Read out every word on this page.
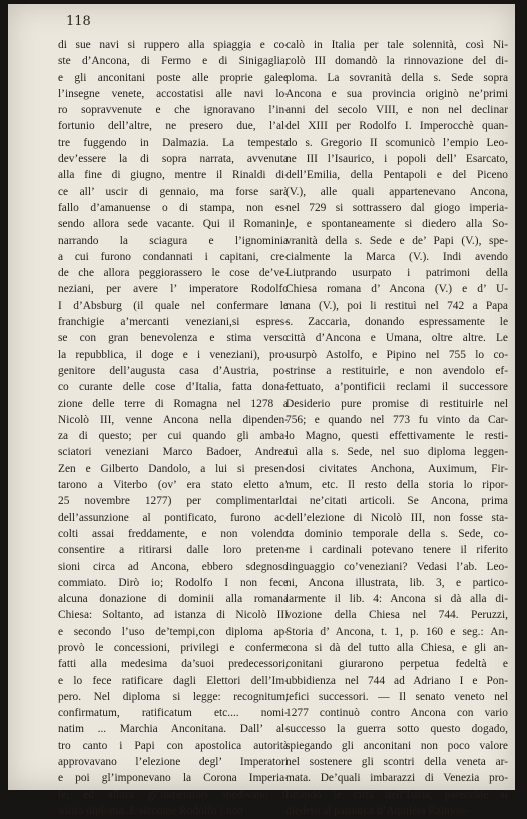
118
di sue navi si ruppero alla spiaggia e co-
ste d’Ancona, di Fermo e di Sinigaglia;
e gli anconitani poste alle proprie galee
l’insegne venete, accostatisi alle navi lo-
ro sopravvenute e che ignoravano l’in-
fortunio dell’altre, ne presero due, l’al-
tre fuggendo in Dalmazia. La tempesta
dev’essere la di sopra narrata, avvenuta
alla fine di giugno, mentre il Rinaldi di-
ce all’ uscir di gennaio, ma forse sarà
fallo d’amanuense o di stampa, non es-
sendo allora sede vacante. Qui il Romanin,
narrando la sciagura e l’ignominia
a cui furono condannati i capitani, cre-
de che allora peggiorassero le cose de’ve-
neziani, per avere l’ imperatore Rodolfo
I d’Absburg (il quale nel confermare le
franchigie a’mercanti veneziani,si espres-
se con gran benevolenza e stima verso
la repubblica, il doge e i veneziani), pro-
genitore dell’augusta casa d’Austria, po-
co curante delle cose d’Italia, fatta dona-
zione delle terre di Romagna nel 1278 a
Nicolò III, venne Ancona nella dipenden-
za di questo; per cui quando gli amba-
sciatori veneziani Marco Badoer, Andrea
Zen e Gilberto Dandolo, a lui si presen-
tarono a Viterbo (ov’ era stato eletto a’
25 novembre 1277) per complimentarlo
dell’assunzione al pontificato, furono ac-
colti assai freddamente, e non volendo
consentire a ritirarsi dalle loro preten-
sioni circa ad Ancona, ebbero sdegnoso
commiato. Dirò io; Rodolfo I non fece
alcuna donazione di dominii alla romana
Chiesa: Soltanto, ad istanza di Nicolò III
e secondo l’uso de’tempi,con diploma ap-
provò le concessioni, privilegi e conferme
fatti alla medesima da’suoi predecessori,
e lo fece ratificare dagli Elettori dell’Im-
pero. Nel diploma si legge: recognitum,
confirmatum, ratificatum etc.... nomi-
natim ... Marchia Anconitana. Dall’ al-
tro canto i Papi con apostolica autorità
approvavano l’elezione degl’ Imperatori
e poi gl’imponevano la Corona Imperia-
le; ed allora gl’imperatori spedivano il
solito diploma. E siccome Rodolfo I non
calò in Italia per tale solennità, così Ni-
colò III domandò la rinnovazione del di-
ploma. La sovranità della s. Sede sopra
Ancona e sua provincia originò ne’primi
anni del secolo VIII, e non nel declinar
del XIII per Rodolfo I. Imperocchè quan-
do s. Gregorio II scomunicò l’empio Leo-
ne III l’Isaurico, i popoli dell’ Esarcato,
dell’Emilia, della Pentapoli e del Piceno
(V.), alle quali appartenevano Ancona,
nel 729 si sottrassero dal giogo imperia-
le, e spontaneamente si diedero alla So-
vranità della s. Sede e de’ Papi (V.), spe-
cialmente la Marca (V.). Indi avendo
Liutprando usurpato i patrimoni della
Chiesa romana d’ Ancona (V.) e d’ U-
mana (V.), poi li restituì nel 742 a Papa
s. Zaccaria, donando espressamente le
città d’Ancona e Umana, oltre altre. Le
usurpò Astolfo, e Pipino nel 755 lo co-
strinse a restituirle, e non avendolo ef-
fettuato, a’pontificii reclami il successore
Desiderio pure promise di restituirle nel
756; e quando nel 773 fu vinto da Car-
lo Magno, questi effettivamente le resti-
tuì alla s. Sede, nel suo diploma leggen-
dosi civitates Anchona, Auximum, Fir-
mum, etc. Il resto della storia lo ripor-
tai ne’citati articoli. Se Ancona, prima
dell’elezione di Nicolò III, non fosse sta-
ta dominio temporale della s. Sede, co-
me i cardinali potevano tenere il riferito
linguaggio co’veneziani? Vedasi l’ab. Leo-
ni, Ancona illustrata, lib. 3, e partico-
larmente il lib. 4: Ancona si dà alla di-
vozione della Chiesa nel 744. Peruzzi,
Storia d’ Ancona, t. 1, p. 160 e seg.: An-
cona si dà del tutto alla Chiesa, e gli an-
conitani giurarono perpetua fedeltà e
ubbidienza nel 744 ad Adriano I e Pon-
tefici successori. — Il senato veneto nel
1277 continuò contro Ancona con vario
successo la guerra sotto questo dogado,
spiegando gli anconitani non poco valore
nel sostenere gli scontri della veneta ar-
mata. De’quali imbarazzi di Venezia pro-
fittando le città dell’Istria, parecchie si
diedero al patriarca d’Aquileia Raimon-
